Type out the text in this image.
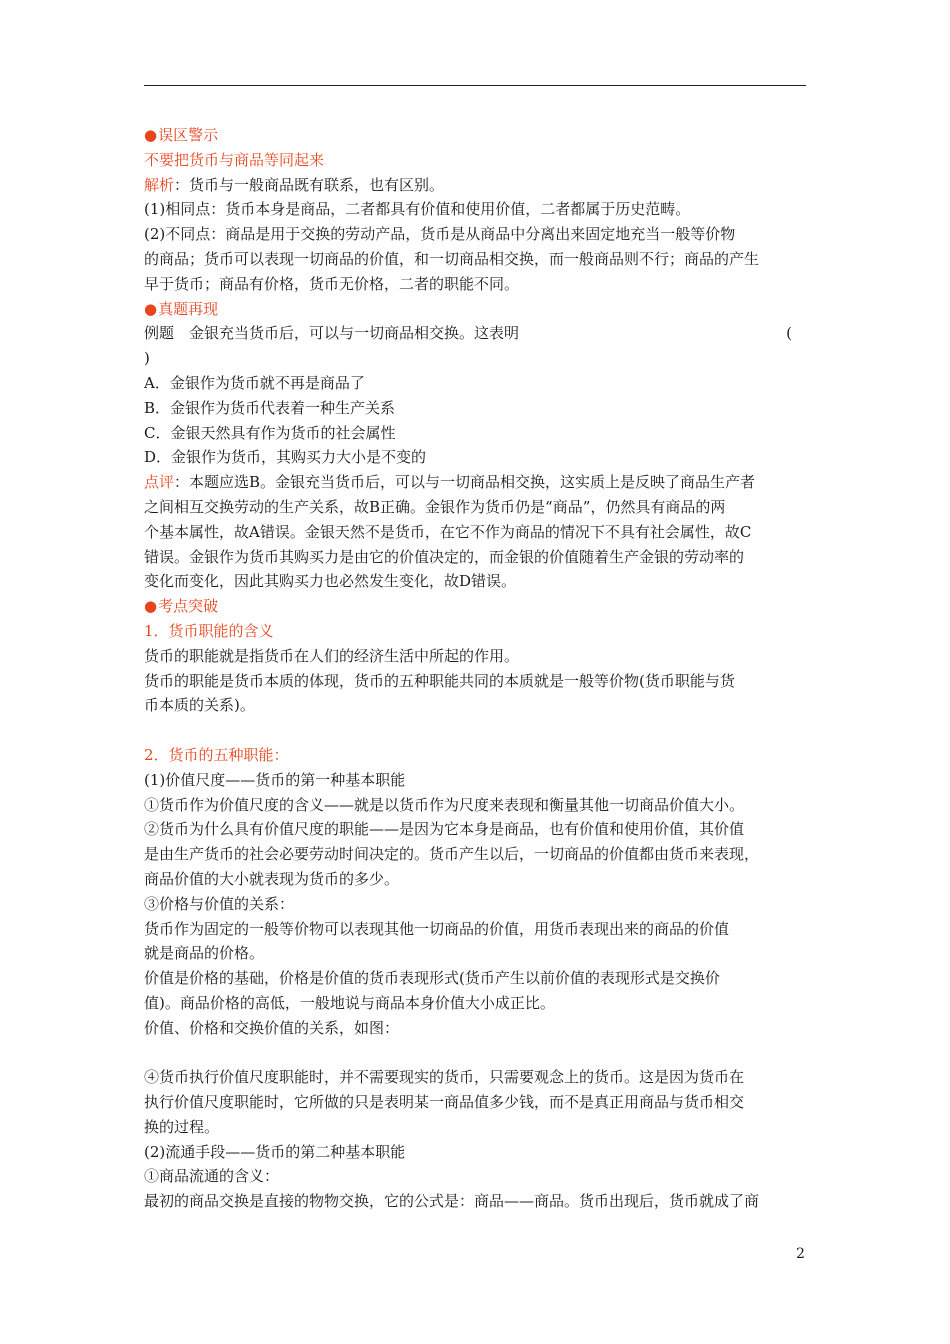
● 误区警示
不要把货币与商品等同起来
解析：货币与一般商品既有联系，也有区别。
(1)相同点：货币本身是商品，二者都具有价值和使用价值，二者都属于历史范畴。
(2)不同点：商品是用于交换的劳动产品，货币是从商品中分离出来固定地充当一般等价物
的商品；货币可以表现一切商品的价值，和一切商品相交换，而一般商品则不行；商品的产生
早于货币；商品有价格，货币无价格，二者的职能不同。
● 真题再现
例题　金银充当货币后，可以与一切商品相交换。这表明	(
)
A．金银作为货币就不再是商品了
B．金银作为货币代表着一种生产关系
C．金银天然具有作为货币的社会属性
D．金银作为货币，其购买力大小是不变的
点评：本题应选B。金银充当货币后，可以与一切商品相交换，这实质上是反映了商品生产者
之间相互交换劳动的生产关系，故B正确。金银作为货币仍是“商品”，仍然具有商品的两
个基本属性，故A错误。金银天然不是货币，在它不作为商品的情况下不具有社会属性，故C
错误。金银作为货币其购买力是由它的价值决定的，而金银的价值随着生产金银的劳动率的
变化而变化，因此其购买力也必然发生变化，故D错误。
● 考点突破
1．货币职能的含义
货币的职能就是指货币在人们的经济生活中所起的作用。
货币的职能是货币本质的体现，货币的五种职能共同的本质就是一般等价物(货币职能与货
币本质的关系)。
2．货币的五种职能：
(1)价值尺度——货币的第一种基本职能
①货币作为价值尺度的含义——就是以货币作为尺度来表现和衡量其他一切商品价值大小。
②货币为什么具有价值尺度的职能——是因为它本身是商品，也有价值和使用价值，其价值
是由生产货币的社会必要劳动时间决定的。货币产生以后，一切商品的价值都由货币来表现，
商品价值的大小就表现为货币的多少。
③价格与价值的关系：
货币作为固定的一般等价物可以表现其他一切商品的价值，用货币表现出来的商品的价值
就是商品的价格。
价值是价格的基础，价格是价值的货币表现形式(货币产生以前价值的表现形式是交换价
值)。商品价格的高低，一般地说与商品本身价值大小成正比。
价值、价格和交换价值的关系，如图：
④货币执行价值尺度职能时，并不需要现实的货币，只需要观念上的货币。这是因为货币在
执行价值尺度职能时，它所做的只是表明某一商品值多少钱，而不是真正用商品与货币相交
换的过程。
(2)流通手段——货币的第二种基本职能
①商品流通的含义：
最初的商品交换是直接的物物交换，它的公式是：商品——商品。货币出现后，货币就成了商
2
